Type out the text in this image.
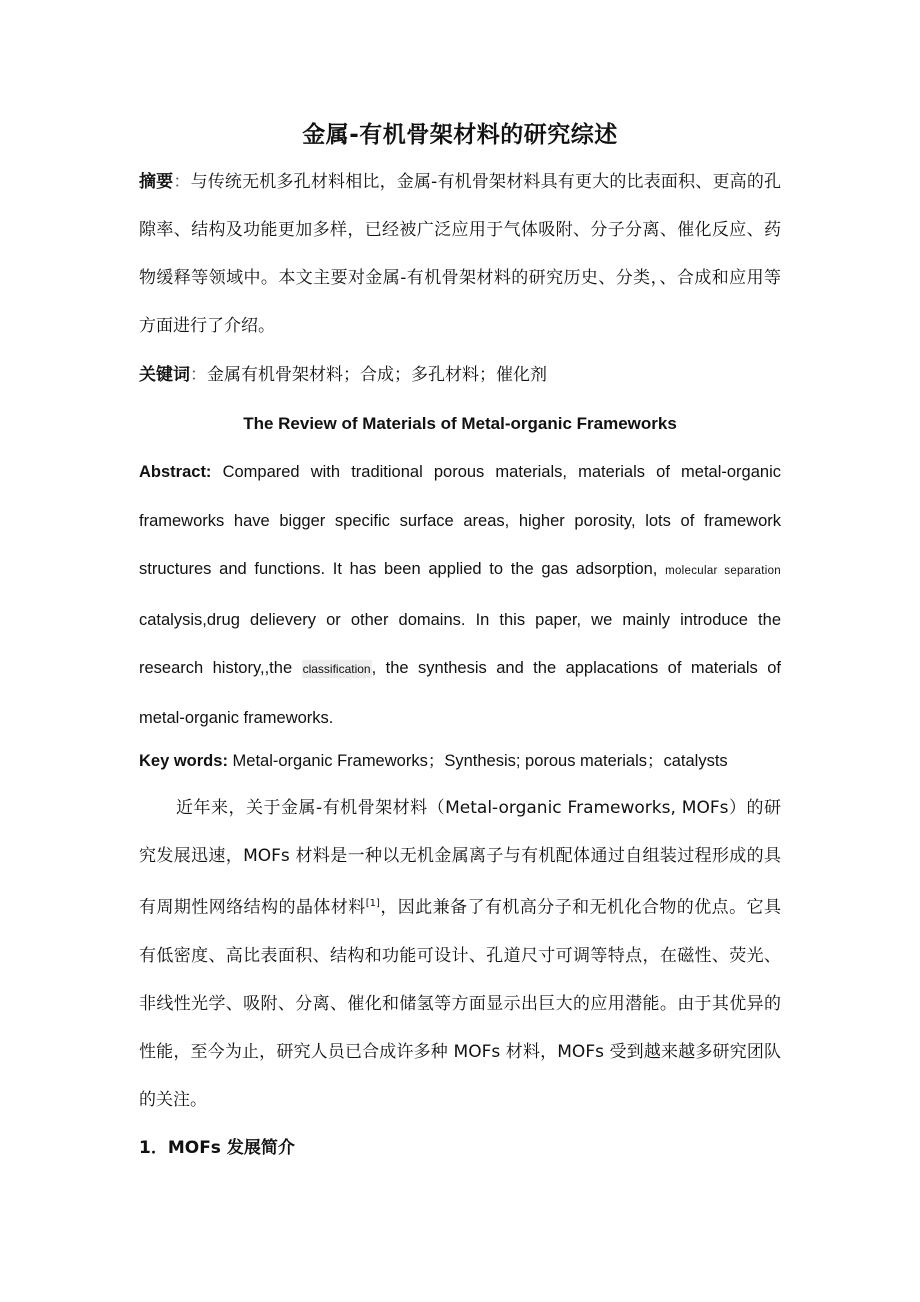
金属-有机骨架材料的研究综述

摘要：与传统无机多孔材料相比，金属-有机骨架材料具有更大的比表面积、更高的孔隙率、结构及功能更加多样，已经被广泛应用于气体吸附、分子分离、催化反应、药物缓释等领域中。本文主要对金属-有机骨架材料的研究历史、分类，、合成和应用等方面进行了介绍。

关键词：金属有机骨架材料；合成；多孔材料；催化剂

The Review of Materials of Metal-organic Frameworks

Abstract: Compared with traditional porous materials, materials of metal-organic frameworks have bigger specific surface areas, higher porosity, lots of framework structures and functions. It has been applied to the gas adsorption, molecular separation catalysis,drug delievery or other domains. In this paper, we mainly introduce the research history,,the classification, the synthesis and the applacations of materials of metal-organic frameworks.

Key words: Metal-organic Frameworks；Synthesis; porous materials；catalysts

近年来，关于金属-有机骨架材料（Metal-organic Frameworks, MOFs）的研究发展迅速，MOFs 材料是一种以无机金属离子与有机配体通过自组装过程形成的具有周期性网络结构的晶体材料[1]，因此兼备了有机高分子和无机化合物的优点。它具有低密度、高比表面积、结构和功能可设计、孔道尺寸可调等特点，在磁性、荧光、非线性光学、吸附、分离、催化和储氢等方面显示出巨大的应用潜能。由于其优异的性能，至今为止，研究人员已合成许多种 MOFs 材料，MOFs 受到越来越多研究团队的关注。

1．MOFs 发展简介
